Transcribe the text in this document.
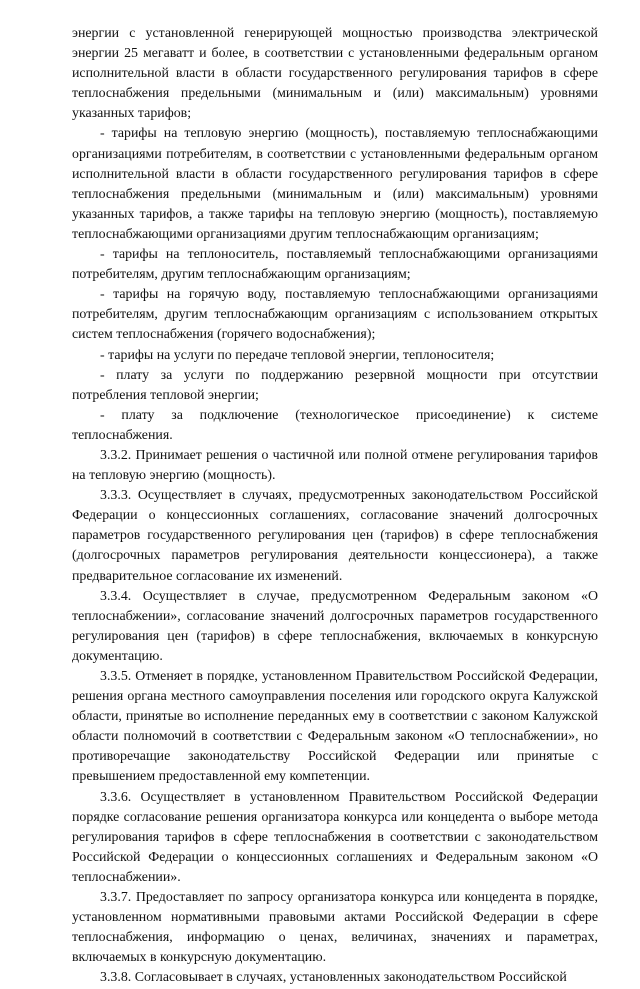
энергии с установленной генерирующей мощностью производства электрической энергии 25 мегаватт и более, в соответствии с установленными федеральным органом исполнительной власти в области государственного регулирования тарифов в сфере теплоснабжения предельными (минимальным и (или) максимальным) уровнями указанных тарифов;

- тарифы на тепловую энергию (мощность), поставляемую теплоснабжающими организациями потребителям, в соответствии с установленными федеральным органом исполнительной власти в области государственного регулирования тарифов в сфере теплоснабжения предельными (минимальным и (или) максимальным) уровнями указанных тарифов, а также тарифы на тепловую энергию (мощность), поставляемую теплоснабжающими организациями другим теплоснабжающим организациям;

- тарифы на теплоноситель, поставляемый теплоснабжающими организациями потребителям, другим теплоснабжающим организациям;

- тарифы на горячую воду, поставляемую теплоснабжающими организациями потребителям, другим теплоснабжающим организациям с использованием открытых систем теплоснабжения (горячего водоснабжения);

- тарифы на услуги по передаче тепловой энергии, теплоносителя;

- плату за услуги по поддержанию резервной мощности при отсутствии потребления тепловой энергии;

- плату за подключение (технологическое присоединение) к системе теплоснабжения.

3.3.2. Принимает решения о частичной или полной отмене регулирования тарифов на тепловую энергию (мощность).

3.3.3. Осуществляет в случаях, предусмотренных законодательством Российской Федерации о концессионных соглашениях, согласование значений долгосрочных параметров государственного регулирования цен (тарифов) в сфере теплоснабжения (долгосрочных параметров регулирования деятельности концессионера), а также предварительное согласование их изменений.

3.3.4. Осуществляет в случае, предусмотренном Федеральным законом «О теплоснабжении», согласование значений долгосрочных параметров государственного регулирования цен (тарифов) в сфере теплоснабжения, включаемых в конкурсную документацию.

3.3.5. Отменяет в порядке, установленном Правительством Российской Федерации, решения органа местного самоуправления поселения или городского округа Калужской области, принятые во исполнение переданных ему в соответствии с законом Калужской области полномочий в соответствии с Федеральным законом «О теплоснабжении», но противоречащие законодательству Российской Федерации или принятые с превышением предоставленной ему компетенции.

3.3.6. Осуществляет в установленном Правительством Российской Федерации порядке согласование решения организатора конкурса или концедента о выборе метода регулирования тарифов в сфере теплоснабжения в соответствии с законодательством Российской Федерации о концессионных соглашениях и Федеральным законом «О теплоснабжении».

3.3.7. Предоставляет по запросу организатора конкурса или концедента в порядке, установленном нормативными правовыми актами Российской Федерации в сфере теплоснабжения, информацию о ценах, величинах, значениях и параметрах, включаемых в конкурсную документацию.

3.3.8. Согласовывает в случаях, установленных законодательством Российской
